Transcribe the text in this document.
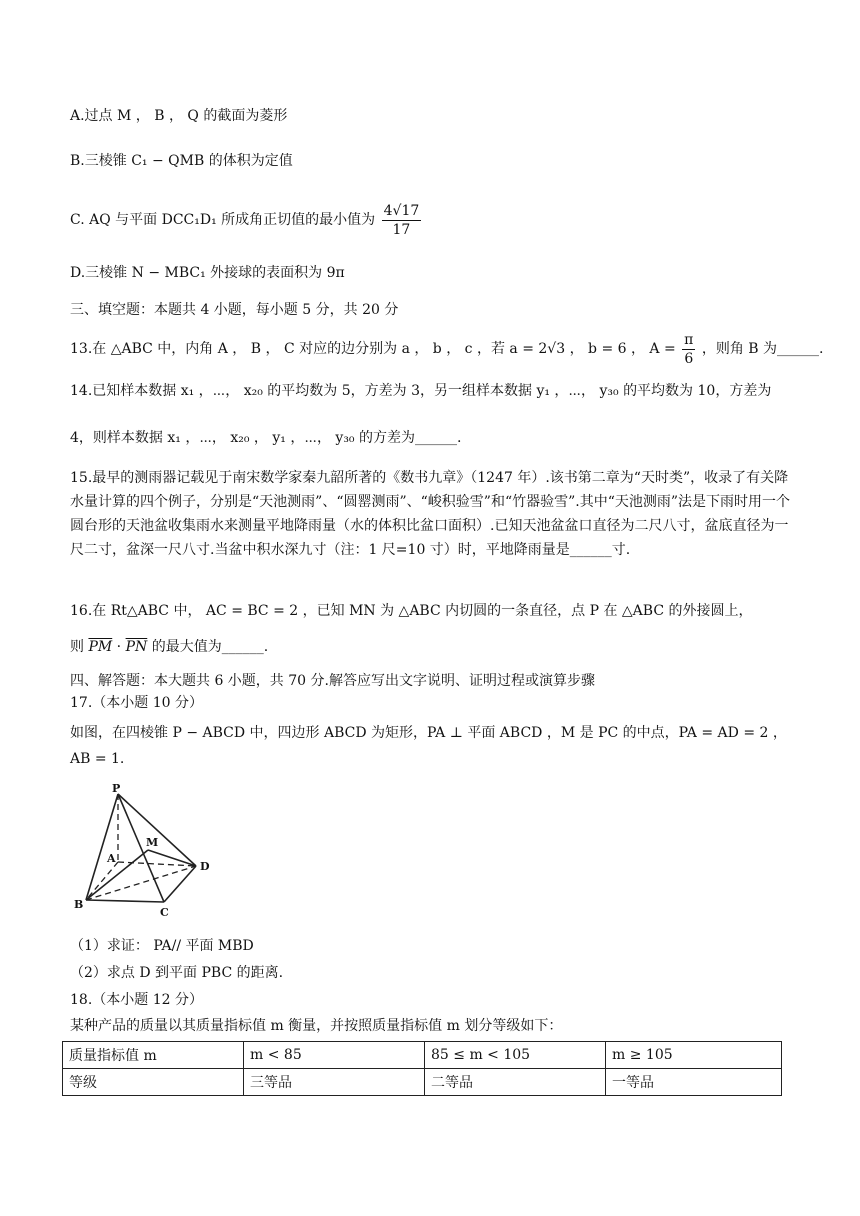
A.过点 M ， B ， Q 的截面为菱形
B.三棱锥 C₁ − QMB 的体积为定值
C. AQ 与平面 DCC₁D₁ 所成角正切值的最小值为 $\frac{4√17}{17}$
D.三棱锥 N − MBC₁ 外接球的表面积为 9π
三、填空题：本题共 4 小题，每小题 5 分，共 20 分
13.在 △ABC 中，内角 A ， B ， C 对应的边分别为 a ， b ， c ，若 a = 2√3 ， b = 6 ， $A = \frac{\pi}{6}$ ，则角 B 为______.
14.已知样本数据 x₁ ，⋯， x₂₀ 的平均数为 5，方差为 3，另一组样本数据 y₁ ，⋯， y₃₀ 的平均数为 10，方差为
4，则样本数据 x₁ ，⋯， x₂₀ ， y₁ ，⋯， y₃₀ 的方差为______.
15.最早的测雨器记载见于南宋数学家秦九韶所著的《数书九章》（1247 年）.该书第二章为“天时类”，收录了有关降水量计算的四个例子，分别是“天池测雨”、“圆罂测雨”、“峻积验雪”和“竹器验雪”.其中“天池测雨”法是下雨时用一个圆台形的天池盆收集雨水来测量平地降雨量（水的体积比盆口面积）.已知天池盆盆口直径为二尺八寸，盆底直径为一尺二寸，盆深一尺八寸.当盆中积水深九寸（注：1 尺=10 寸）时，平地降雨量是______寸.
16.在 Rt△ABC 中， AC = BC = 2 ，已知 MN 为 △ABC 内切圆的一条直径，点 P 在 △ABC 的外接圆上，
则 $\overline{PM} \cdot \overline{PN}$ 的最大值为______.
四、解答题：本大题共 6 小题，共 70 分.解答应写出文字说明、证明过程或演算步骤
17.（本小题 10 分）
如图，在四棱锥 P − ABCD 中，四边形 ABCD 为矩形，PA ⊥ 平面 ABCD ，M 是 PC 的中点，PA = AD = 2 ，
AB = 1.
P
A
M
D
B
C
（1）求证： PA// 平面 MBD
（2）求点 D 到平面 PBC 的距离.
18.（本小题 12 分）
某种产品的质量以其质量指标值 m 衡量，并按照质量指标值 m 划分等级如下：
质量指标值 m	m < 85	85 ≤ m < 105	m ≥ 105
等级	三等品	二等品	一等品
